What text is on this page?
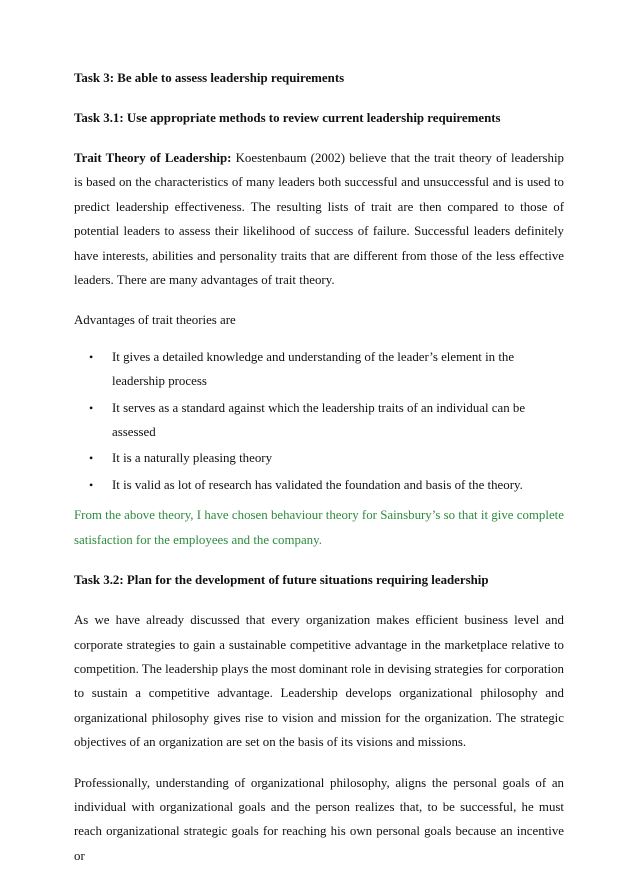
Task 3: Be able to assess leadership requirements
Task 3.1: Use appropriate methods to review current leadership requirements
Trait Theory of Leadership: Koestenbaum (2002) believe that the trait theory of leadership is based on the characteristics of many leaders both successful and unsuccessful and is used to predict leadership effectiveness. The resulting lists of trait are then compared to those of potential leaders to assess their likelihood of success of failure. Successful leaders definitely have interests, abilities and personality traits that are different from those of the less effective leaders. There are many advantages of trait theory.
Advantages of trait theories are
• It gives a detailed knowledge and understanding of the leader’s element in the leadership process
• It serves as a standard against which the leadership traits of an individual can be assessed
• It is a naturally pleasing theory
• It is valid as lot of research has validated the foundation and basis of the theory.
From the above theory, I have chosen behaviour theory for Sainsbury’s so that it give complete satisfaction for the employees and the company.
Task 3.2: Plan for the development of future situations requiring leadership
As we have already discussed that every organization makes efficient business level and corporate strategies to gain a sustainable competitive advantage in the marketplace relative to competition. The leadership plays the most dominant role in devising strategies for corporation to sustain a competitive advantage. Leadership develops organizational philosophy and organizational philosophy gives rise to vision and mission for the organization. The strategic objectives of an organization are set on the basis of its visions and missions.
Professionally, understanding of organizational philosophy, aligns the personal goals of an individual with organizational goals and the person realizes that, to be successful, he must reach organizational strategic goals for reaching his own personal goals because an incentive or
